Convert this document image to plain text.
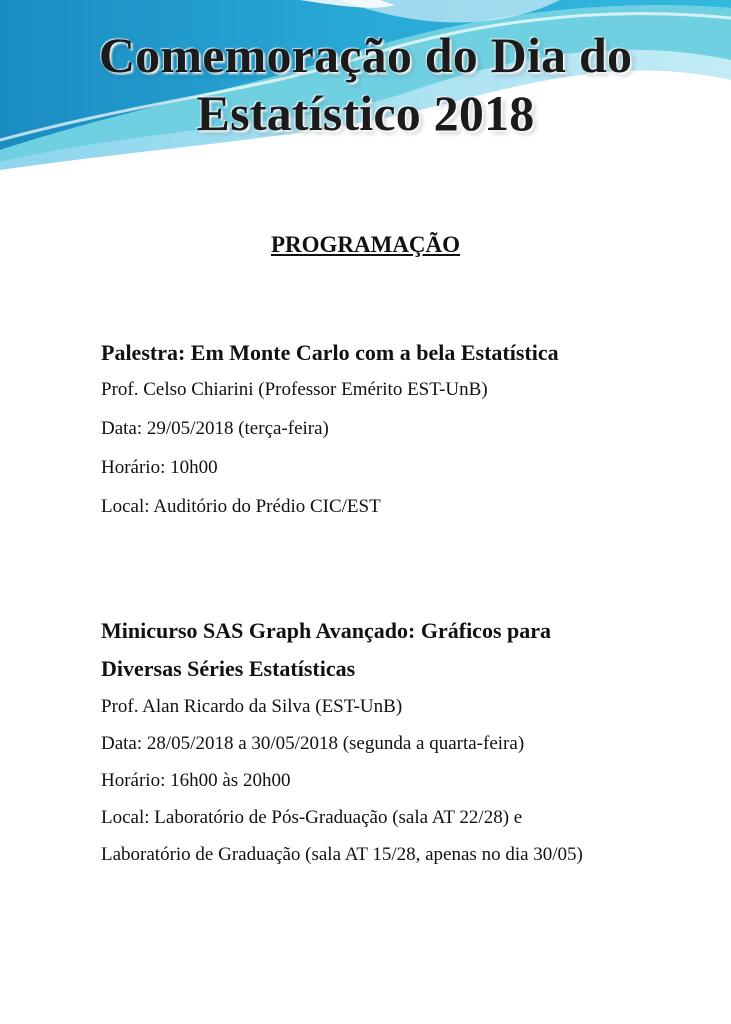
Comemoração do Dia do
Estatístico 2018
PROGRAMAÇÃO
Palestra: Em Monte Carlo com a bela Estatística
Prof. Celso Chiarini (Professor Emérito EST-UnB)
Data: 29/05/2018 (terça-feira)
Horário: 10h00
Local: Auditório do Prédio CIC/EST
Minicurso SAS Graph Avançado: Gráficos para
Diversas Séries Estatísticas
Prof. Alan Ricardo da Silva (EST-UnB)
Data: 28/05/2018 a 30/05/2018 (segunda a quarta-feira)
Horário: 16h00 às 20h00
Local: Laboratório de Pós-Graduação (sala AT 22/28) e
Laboratório de Graduação (sala AT 15/28, apenas no dia 30/05)
